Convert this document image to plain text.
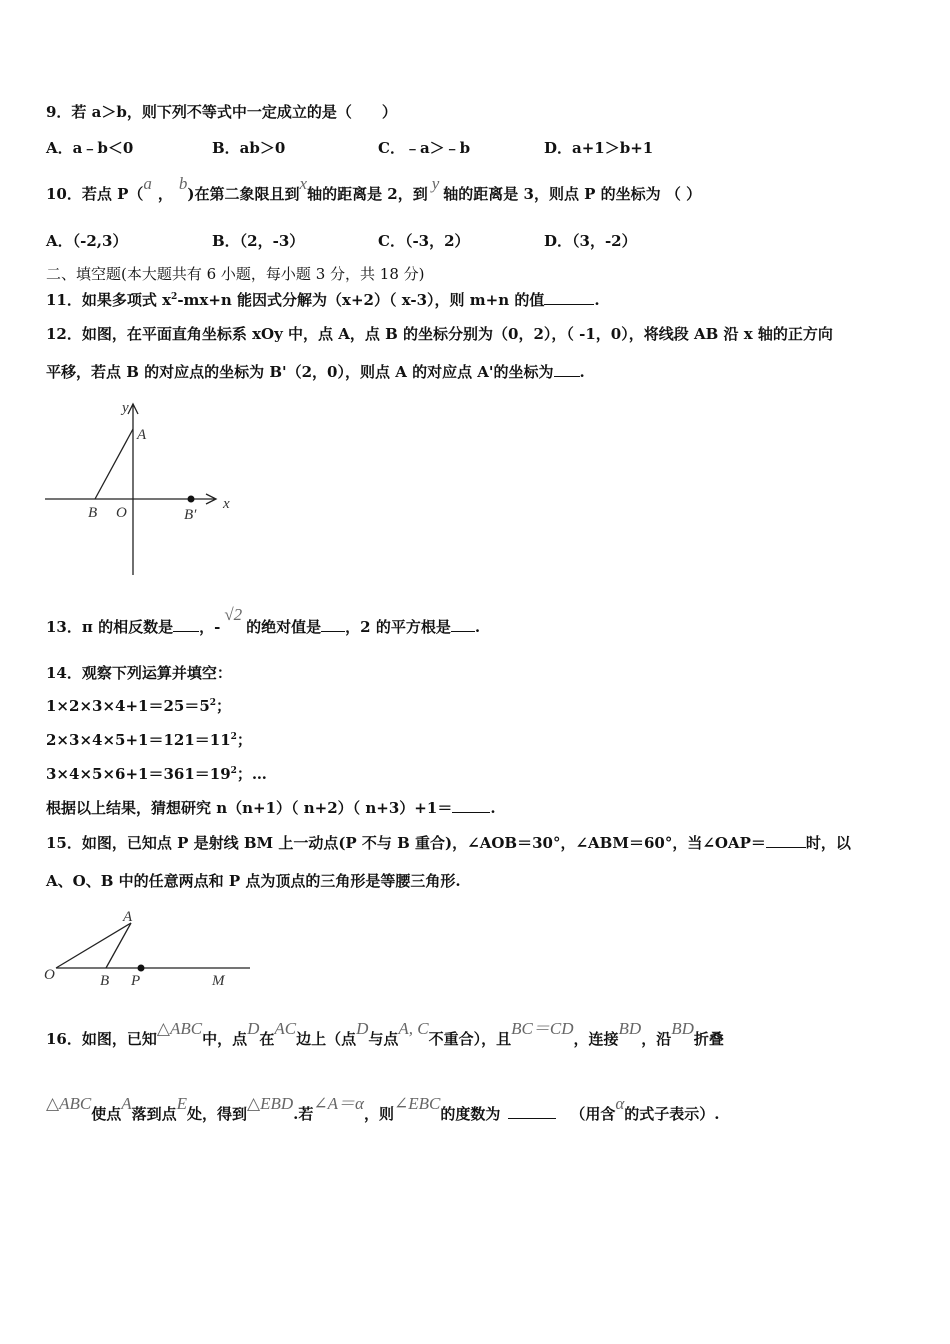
9．若 a＞b，则下列不等式中一定成立的是（　　）
A．a﹣b＜0	B．ab＞0	C．﹣a＞﹣b	D．a+1＞b+1
10．若点 P（a，b)在第二象限且到x轴的距离是 2，到y轴的距离是 3，则点 P 的坐标为 （ ）
A．（-2,3）	B．（2，-3）	C．（-3，2）	D．（3，-2）
二、填空题(本大题共有 6 小题，每小题 3 分，共 18 分)
11．如果多项式 $x^2-mx+n$ 能因式分解为（x+2）（ x-3），则 m+n 的值	.
12．如图，在平面直角坐标系 xOy 中，点 A，点 B 的坐标分别为（0，2），（ -1，0），将线段 AB 沿 x 轴的正方向
平移，若点 B 的对应点的坐标为 B'（2，0），则点 A 的对应点 A'的坐标为 .
y
A
x
B O	B′
13．π 的相反数是 ，-√2的绝对值是 ，2 的平方根是 .
14．观察下列运算并填空：
$1\times 2\times 3\times 4+1=25=5^2$；
$2\times 3\times 4\times 5+1=121=11^2$；
$3\times 4\times 5\times 6+1=361=19^2$；…
根据以上结果，猜想研究 n（n+1）（ n+2）（ n+3）+1＝	.
15．如图，已知点 P 是射线 BM 上一动点(P 不与 B 重合)，∠AOB＝30°，∠ABM＝60°，当∠OAP＝	时，以
A、O、B 中的任意两点和 P 点为顶点的三角形是等腰三角形.
A
O	B P	M
16．如图，已知△ABC中，点D在AC边上（点D与点A, C不重合），且BC＝CD，连接BD，沿BD折叠
△ABC使点A落到点E处，得到△EBD.若∠A＝α，则∠EBC的度数为	（用含α的式子表示）.
